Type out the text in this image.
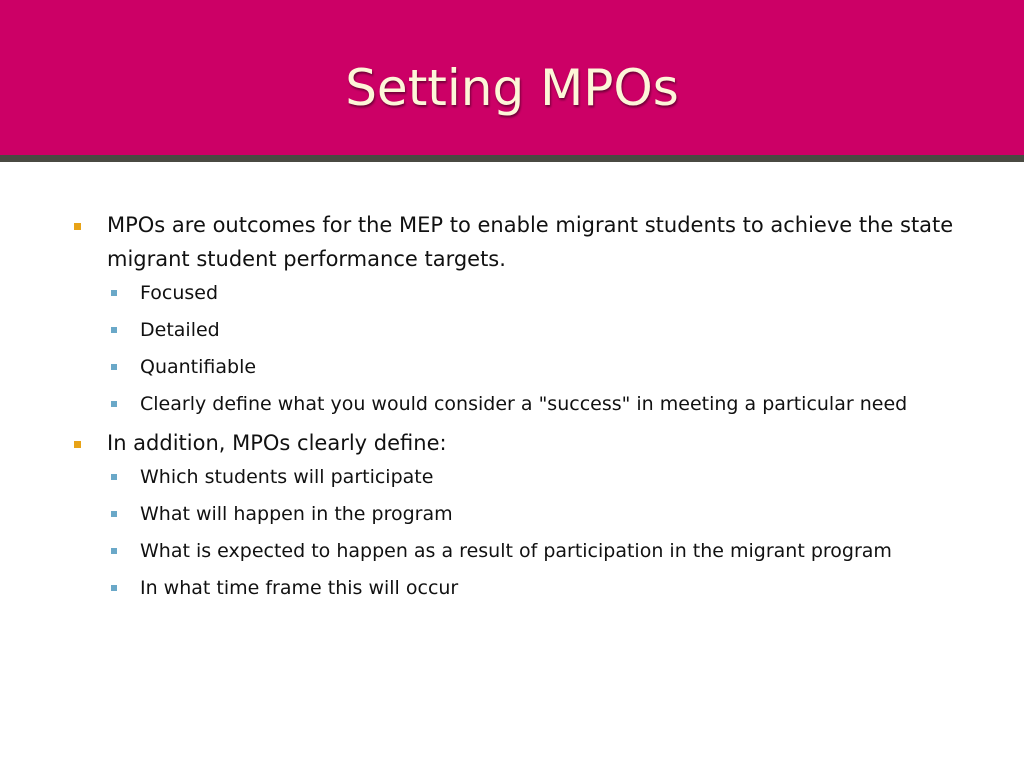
Setting MPOs
MPOs are outcomes for the MEP to enable migrant students to achieve the state migrant student performance targets.
Focused
Detailed
Quantifiable
Clearly define what you would consider a "success" in meeting a particular need
In addition, MPOs clearly define:
Which students will participate
What will happen in the program
What is expected to happen as a result of participation in the migrant program
In what time frame this will occur
